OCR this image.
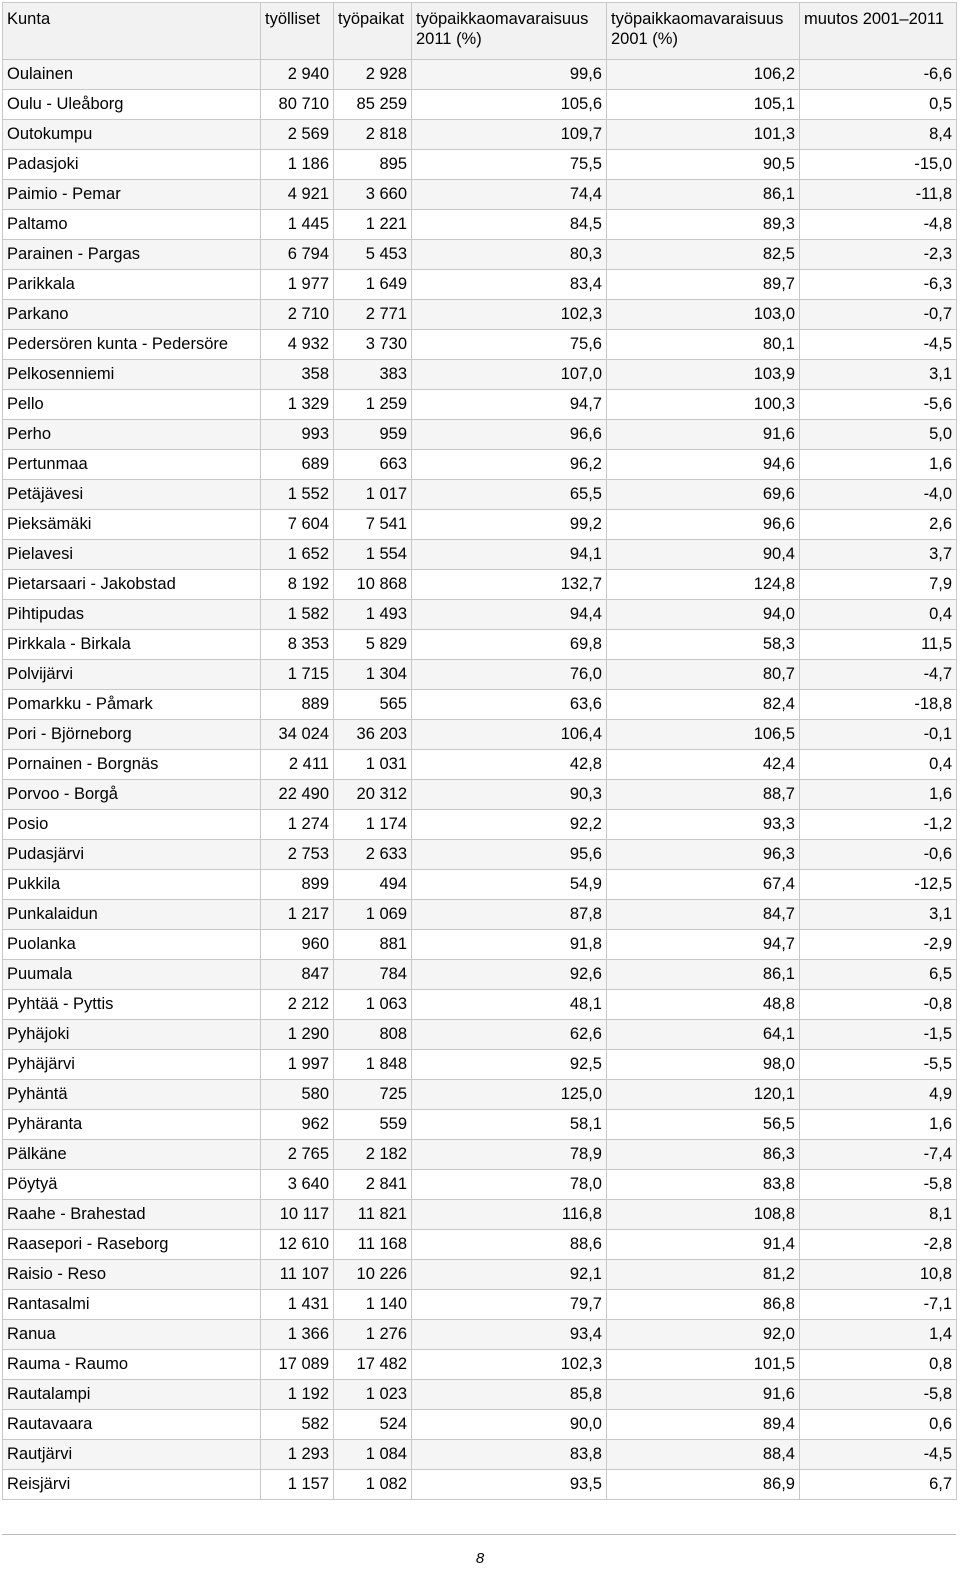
Kunta	työlliset	työpaikat	työpaikkaomavaraisuus 2011 (%)	työpaikkaomavaraisuus 2001 (%)	muutos 2001–2011
Oulainen	2 940	2 928	99,6	106,2	-6,6
Oulu - Uleåborg	80 710	85 259	105,6	105,1	0,5
Outokumpu	2 569	2 818	109,7	101,3	8,4
Padasjoki	1 186	895	75,5	90,5	-15,0
Paimio - Pemar	4 921	3 660	74,4	86,1	-11,8
Paltamo	1 445	1 221	84,5	89,3	-4,8
Parainen - Pargas	6 794	5 453	80,3	82,5	-2,3
Parikkala	1 977	1 649	83,4	89,7	-6,3
Parkano	2 710	2 771	102,3	103,0	-0,7
Pedersören kunta - Pedersöre	4 932	3 730	75,6	80,1	-4,5
Pelkosenniemi	358	383	107,0	103,9	3,1
Pello	1 329	1 259	94,7	100,3	-5,6
Perho	993	959	96,6	91,6	5,0
Pertunmaa	689	663	96,2	94,6	1,6
Petäjävesi	1 552	1 017	65,5	69,6	-4,0
Pieksämäki	7 604	7 541	99,2	96,6	2,6
Pielavesi	1 652	1 554	94,1	90,4	3,7
Pietarsaari - Jakobstad	8 192	10 868	132,7	124,8	7,9
Pihtipudas	1 582	1 493	94,4	94,0	0,4
Pirkkala - Birkala	8 353	5 829	69,8	58,3	11,5
Polvijärvi	1 715	1 304	76,0	80,7	-4,7
Pomarkku - Påmark	889	565	63,6	82,4	-18,8
Pori - Björneborg	34 024	36 203	106,4	106,5	-0,1
Pornainen - Borgnäs	2 411	1 031	42,8	42,4	0,4
Porvoo - Borgå	22 490	20 312	90,3	88,7	1,6
Posio	1 274	1 174	92,2	93,3	-1,2
Pudasjärvi	2 753	2 633	95,6	96,3	-0,6
Pukkila	899	494	54,9	67,4	-12,5
Punkalaidun	1 217	1 069	87,8	84,7	3,1
Puolanka	960	881	91,8	94,7	-2,9
Puumala	847	784	92,6	86,1	6,5
Pyhtää - Pyttis	2 212	1 063	48,1	48,8	-0,8
Pyhäjoki	1 290	808	62,6	64,1	-1,5
Pyhäjärvi	1 997	1 848	92,5	98,0	-5,5
Pyhäntä	580	725	125,0	120,1	4,9
Pyhäranta	962	559	58,1	56,5	1,6
Pälkäne	2 765	2 182	78,9	86,3	-7,4
Pöytyä	3 640	2 841	78,0	83,8	-5,8
Raahe - Brahestad	10 117	11 821	116,8	108,8	8,1
Raasepori - Raseborg	12 610	11 168	88,6	91,4	-2,8
Raisio - Reso	11 107	10 226	92,1	81,2	10,8
Rantasalmi	1 431	1 140	79,7	86,8	-7,1
Ranua	1 366	1 276	93,4	92,0	1,4
Rauma - Raumo	17 089	17 482	102,3	101,5	0,8
Rautalampi	1 192	1 023	85,8	91,6	-5,8
Rautavaara	582	524	90,0	89,4	0,6
Rautjärvi	1 293	1 084	83,8	88,4	-4,5
Reisjärvi	1 157	1 082	93,5	86,9	6,7
8
